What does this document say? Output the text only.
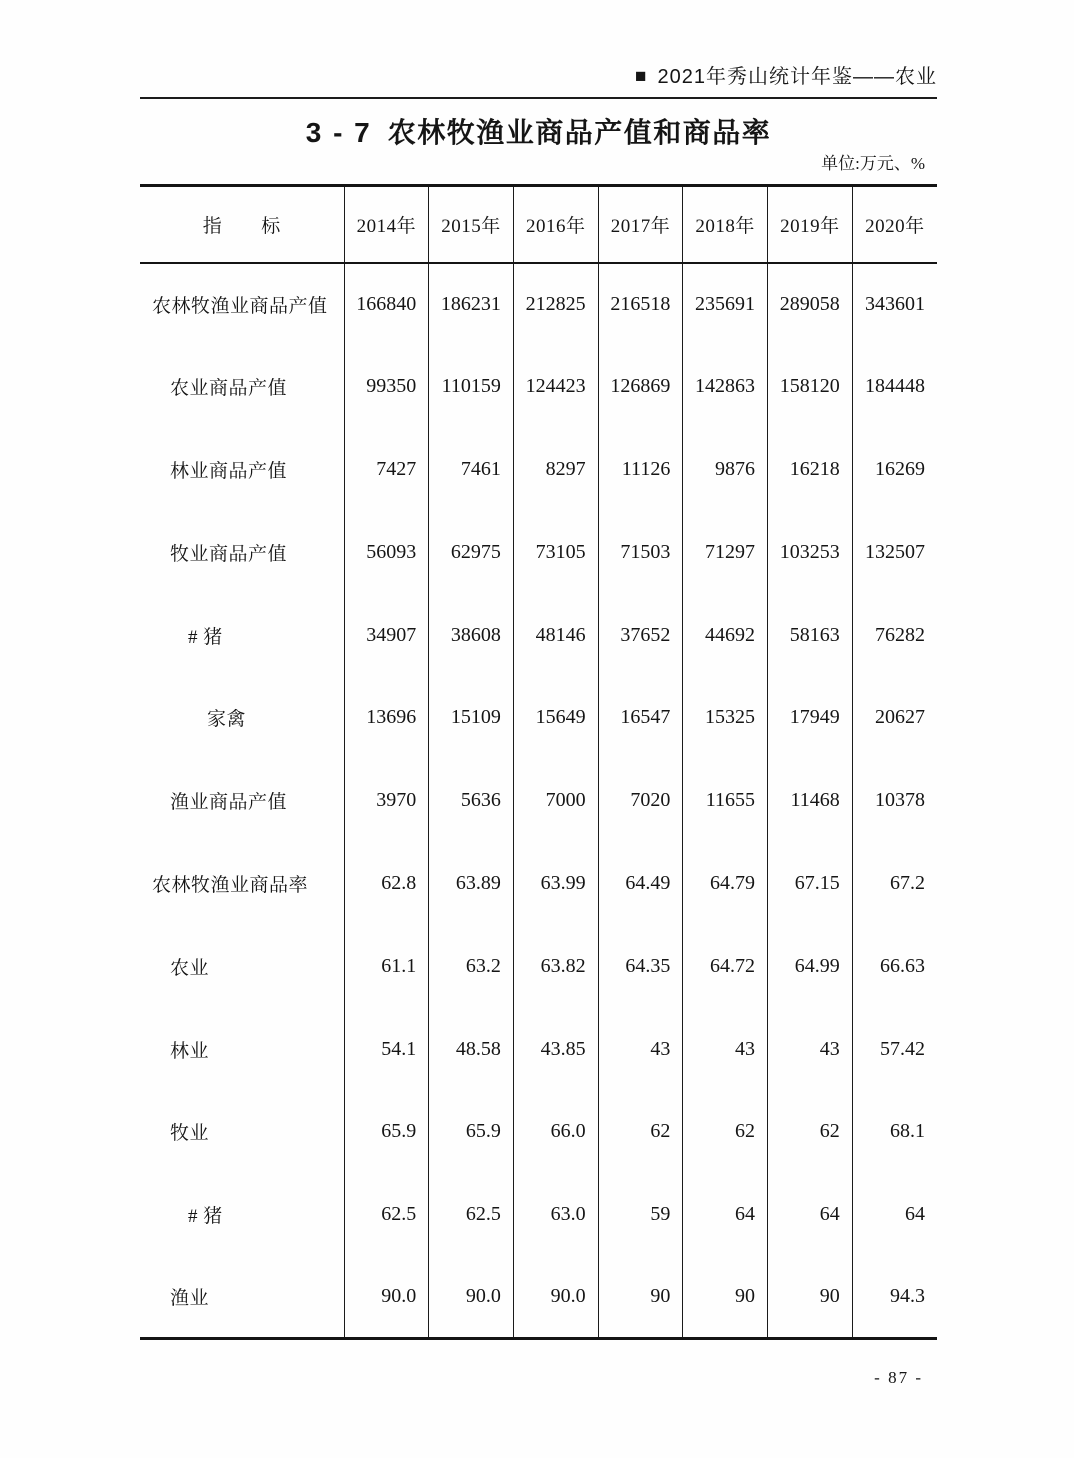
■ 2021年秀山统计年鉴——农业
3 - 7 农林牧渔业商品产值和商品率
单位:万元、%
指　　标	2014年	2015年	2016年	2017年	2018年	2019年	2020年
农林牧渔业商品产值	166840	186231	212825	216518	235691	289058	343601
农业商品产值	99350	110159	124423	126869	142863	158120	184448
林业商品产值	7427	7461	8297	11126	9876	16218	16269
牧业商品产值	56093	62975	73105	71503	71297	103253	132507
# 猪	34907	38608	48146	37652	44692	58163	76282
家禽	13696	15109	15649	16547	15325	17949	20627
渔业商品产值	3970	5636	7000	7020	11655	11468	10378
农林牧渔业商品率	62.8	63.89	63.99	64.49	64.79	67.15	67.2
农业	61.1	63.2	63.82	64.35	64.72	64.99	66.63
林业	54.1	48.58	43.85	43	43	43	57.42
牧业	65.9	65.9	66.0	62	62	62	68.1
# 猪	62.5	62.5	63.0	59	64	64	64
渔业	90.0	90.0	90.0	90	90	90	94.3
- 87 -
